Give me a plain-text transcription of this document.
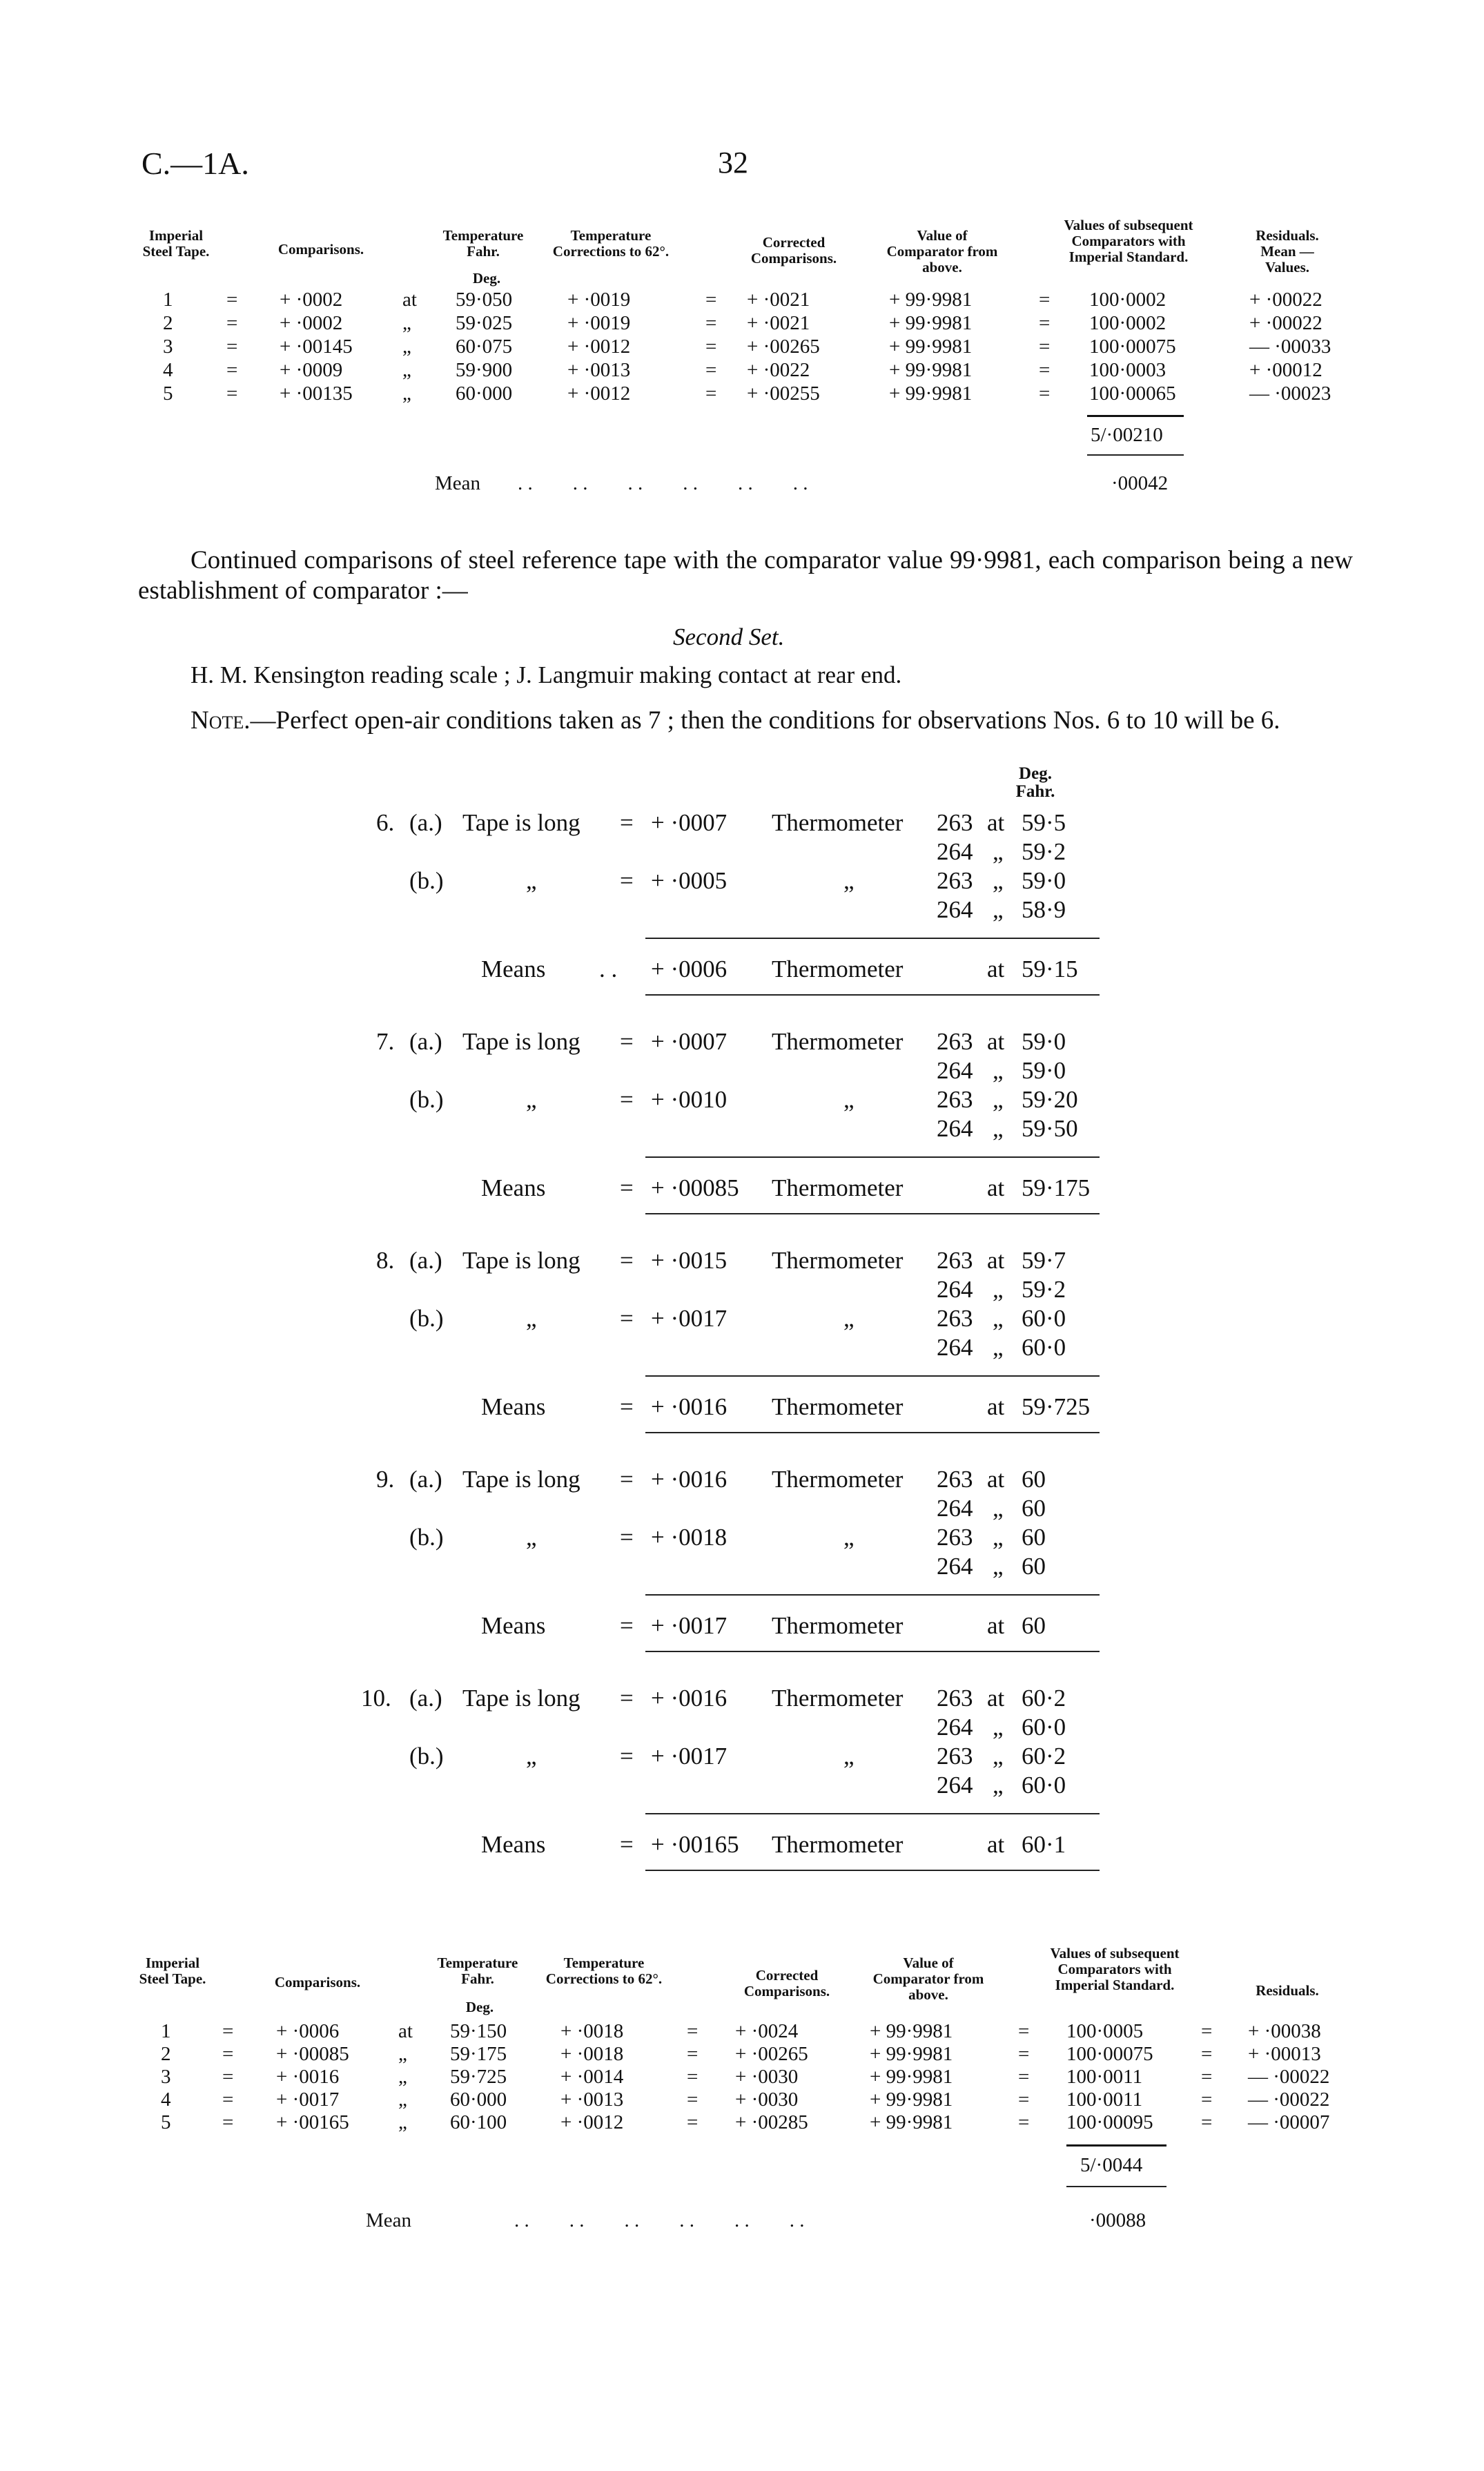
C.—1A.	32
Imperial Steel Tape.	Comparisons.
Temperature Fahr.
Deg.
Temperature Corrections to 62°.
Corrected Comparisons.
Value of Comparator from above.
Values of subsequent Comparators with Imperial Standard.
Residuals. Mean — Values.
1	= + ·0002	at 59·050	+ ·0019	= + ·0021	+ 99·9981	= 100·0002	+ ·00022
2	= + ·0002	„ 59·025	+ ·0019	= + ·0021	+ 99·9981	= 100·0002	+ ·00022
3	= + ·00145 „ 60·075	+ ·0012	= + ·00265	+ 99·9981	= 100·00075	— ·00033
4	= + ·0009	„ 59·900	+ ·0013	= + ·0022	+ 99·9981	= 100·0003	+ ·00012
5	= + ·00135 „ 60·000	+ ·0012	= + ·00255	+ 99·9981	= 100·00065	— ·00023
5/·00210
Mean . .        . .        . .        . .        . .        . .	·00042
Continued comparisons of steel reference tape with the comparator value 99·9981, each comparison being a new establishment of comparator :—
Second Set.
H. M. Kensington reading scale ; J. Langmuir making contact at rear end.
Note.—Perfect open-air conditions taken as 7 ; then the conditions for observations Nos. 6 to 10 will be 6.
Deg.
Fahr.
6. (a.) Tape is long = + ·0007 Thermometer 263 at 59·5
264 „ 59·2
(b.)	„	= + ·0005	„	263 „ 59·0
264 „ 58·9
Means . . + ·0006 Thermometer	at 59·15
7. (a.) Tape is long = + ·0007 Thermometer 263 at 59·0
264 „ 59·0
(b.)	„	= + ·0010	„	263 „ 59·20
264 „ 59·50
Means	= + ·00085 Thermometer	at 59·175
8. (a.) Tape is long = + ·0015 Thermometer 263 at 59·7
264 „ 59·2
(b.)	„	= + ·0017	„	263 „ 60·0
264 „ 60·0
Means	= + ·0016 Thermometer	at 59·725
9. (a.) Tape is long = + ·0016 Thermometer 263 at 60
264 „ 60
(b.)	„	= + ·0018	„	263 „ 60
264 „ 60
Means	= + ·0017 Thermometer	at 60
10. (a.) Tape is long = + ·0016 Thermometer 263 at 60·2
264 „ 60·0
(b.)	„	= + ·0017	„	263 „ 60·2
264 „ 60·0
Means	= + ·00165 Thermometer	at 60·1
Imperial Steel Tape.	Comparisons.
Temperature Fahr.
Deg.
Temperature Corrections to 62°.	Corrected Comparisons.
Value of Comparator from above.
Values of subsequent Comparators with Imperial Standard.	Residuals.
1	= + ·0006	at 59·150	+ ·0018	= + ·0024	+ 99·9981	= 100·0005	= + ·00038
2	= + ·00085 „ 59·175	+ ·0018	= + ·00265	+ 99·9981	= 100·00075 = + ·00013
3	= + ·0016	„ 59·725	+ ·0014	= + ·0030	+ 99·9981	= 100·0011	= — ·00022
4	= + ·0017	„ 60·000	+ ·0013	= + ·0030	+ 99·9981	= 100·0011	= — ·00022
5	= + ·00165 „ 60·100	+ ·0012	= + ·00285	+ 99·9981	= 100·00095 = — ·00007
5/·0044
Mean	. .        . .        . .        . .        . .        . .	·00088
